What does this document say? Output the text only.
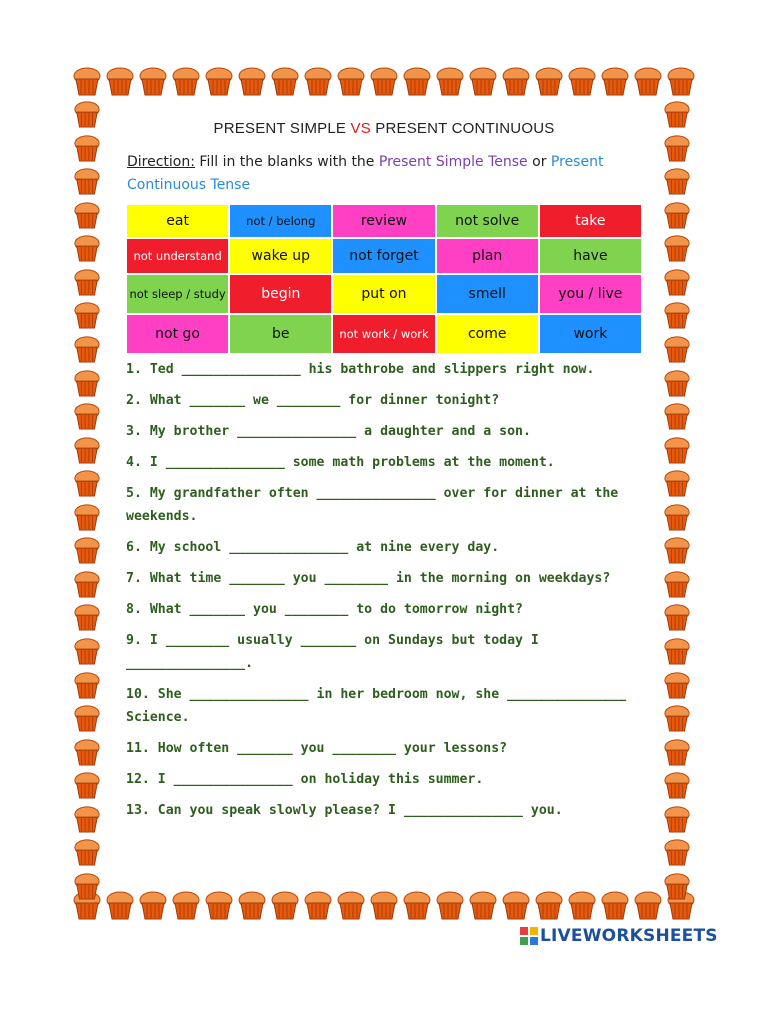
PRESENT SIMPLE VS PRESENT CONTINUOUS
Direction: Fill in the blanks with the Present Simple Tense or Present Continuous Tense
eat	not / belong	review	not solve	take
not understand	wake up	not forget	plan	have
not sleep / study	begin	put on	smell	you / live
not go	be	not work / work	come	work

1. Ted _______________ his bathrobe and slippers right now.

2. What _______ we ________ for dinner tonight?

3. My brother _______________ a daughter and a son.

4. I _______________ some math problems at the moment.

5. My grandfather often _______________ over for dinner at the weekends.

6. My school _______________ at nine every day.

7. What time _______ you ________ in the morning on weekdays?

8. What _______ you ________ to do tomorrow night?

9. I ________ usually _______ on Sundays but today I _______________.

10. She _______________ in her bedroom now, she _______________ Science.

11. How often _______ you ________ your lessons?

12. I _______________ on holiday this summer.

13. Can you speak slowly please? I _______________ you.

LIVEWORKSHEETS
